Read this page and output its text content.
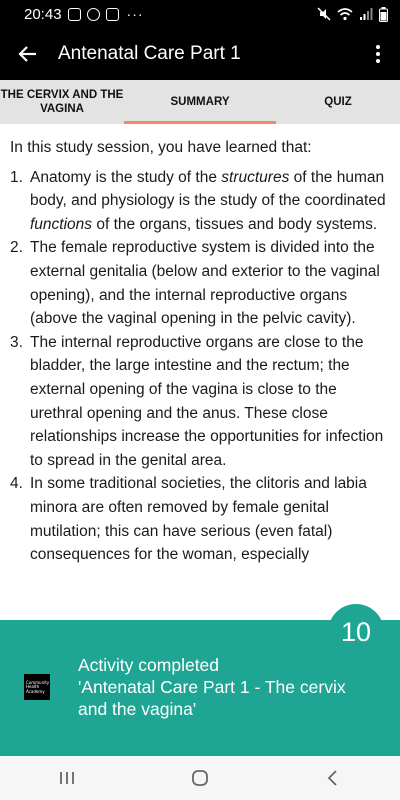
20:43	···
Antenatal Care Part 1
THE CERVIX AND THE
VAGINA
SUMMARY	QUIZ

In this study session, you have learned that:

1. Anatomy is the study of the structures of the human body, and physiology is the study of the coordinated functions of the organs, tissues and body systems.
2. The female reproductive system is divided into the external genitalia (below and exterior to the vaginal opening), and the internal reproductive organs (above the vaginal opening in the pelvic cavity).
3. The internal reproductive organs are close to the bladder, the large intestine and the rectum; the external opening of the vagina is close to the urethral opening and the anus. These close relationships increase the opportunities for infection to spread in the genital area.
4. In some traditional societies, the clitoris and labia minora are often removed by female genital mutilation; this can have serious (even fatal) consequences for the woman, especially
10
Community
Health
Academy
Activity completed
'Antenatal Care Part 1 - The cervix and the vagina'
